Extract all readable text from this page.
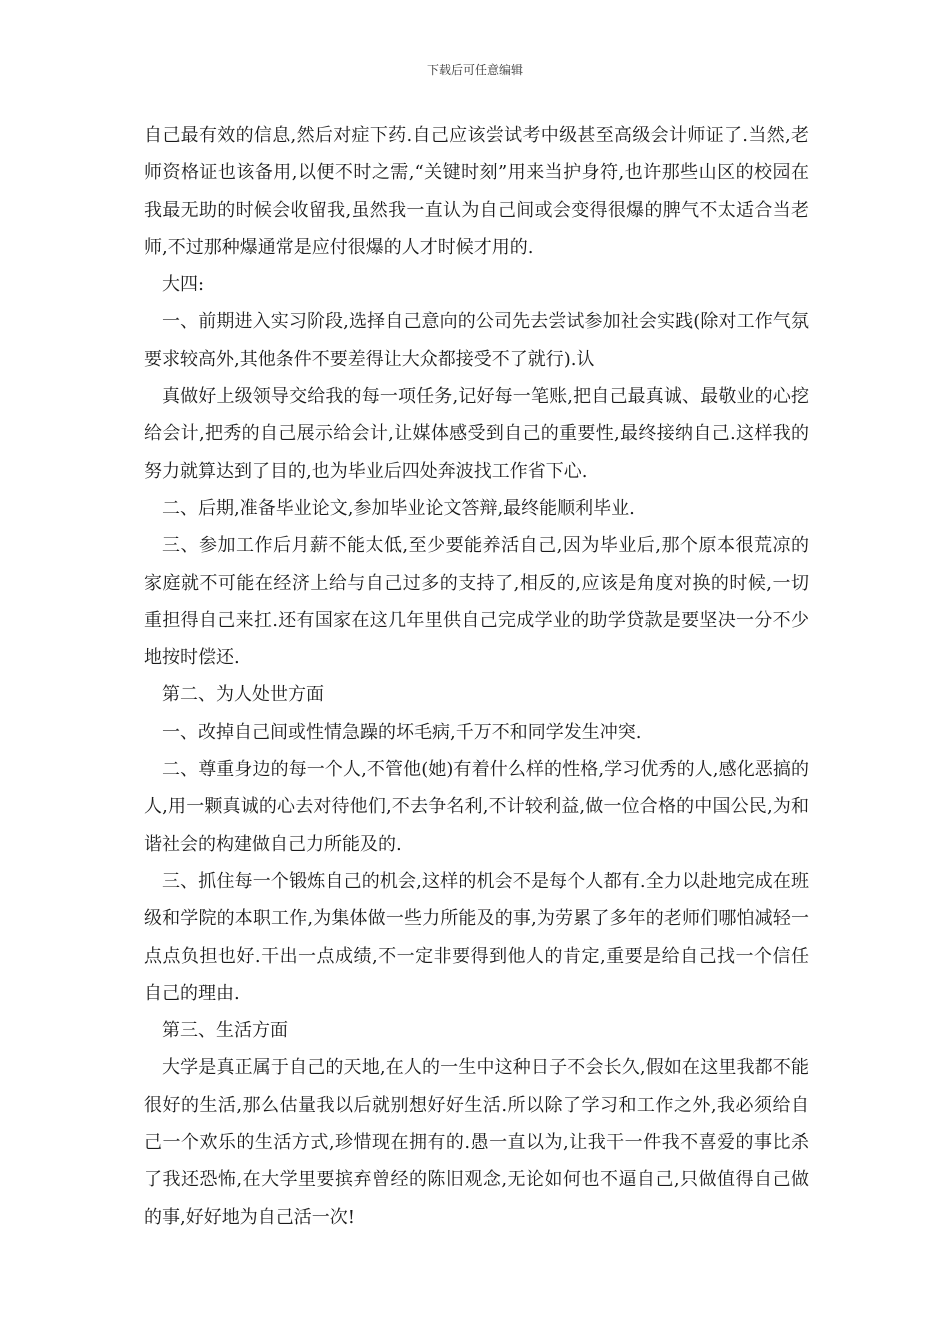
下载后可任意编辑

自己最有效的信息,然后对症下药.自己应该尝试考中级甚至高级会计师证了.当然,老师资格证也该备用,以便不时之需,“关键时刻”用来当护身符,也许那些山区的校园在我最无助的时候会收留我,虽然我一直认为自己间或会变得很爆的脾气不太适合当老师,不过那种爆通常是应付很爆的人才时候才用的.

大四:

一、前期进入实习阶段,选择自己意向的公司先去尝试参加社会实践(除对工作气氛要求较高外,其他条件不要差得让大众都接受不了就行).认

真做好上级领导交给我的每一项任务,记好每一笔账,把自己最真诚、最敬业的心挖给会计,把秀的自己展示给会计,让媒体感受到自己的重要性,最终接纳自己.这样我的努力就算达到了目的,也为毕业后四处奔波找工作省下心.

二、后期,准备毕业论文,参加毕业论文答辩,最终能顺利毕业.

三、参加工作后月薪不能太低,至少要能养活自己,因为毕业后,那个原本很荒凉的家庭就不可能在经济上给与自己过多的支持了,相反的,应该是角度对换的时候,一切重担得自己来扛.还有国家在这几年里供自己完成学业的助学贷款是要坚决一分不少地按时偿还.

第二、为人处世方面

一、改掉自己间或性情急躁的坏毛病,千万不和同学发生冲突.

二、尊重身边的每一个人,不管他(她)有着什么样的性格,学习优秀的人,感化恶搞的人,用一颗真诚的心去对待他们,不去争名利,不计较利益,做一位合格的中国公民,为和谐社会的构建做自己力所能及的.

三、抓住每一个锻炼自己的机会,这样的机会不是每个人都有.全力以赴地完成在班级和学院的本职工作,为集体做一些力所能及的事,为劳累了多年的老师们哪怕减轻一点点负担也好.干出一点成绩,不一定非要得到他人的肯定,重要是给自己找一个信任自己的理由.

第三、生活方面

大学是真正属于自己的天地,在人的一生中这种日子不会长久,假如在这里我都不能很好的生活,那么估量我以后就别想好好生活.所以除了学习和工作之外,我必须给自己一个欢乐的生活方式,珍惜现在拥有的.愚一直以为,让我干一件我不喜爱的事比杀了我还恐怖,在大学里要摈弃曾经的陈旧观念,无论如何也不逼自己,只做值得自己做的事,好好地为自己活一次!
